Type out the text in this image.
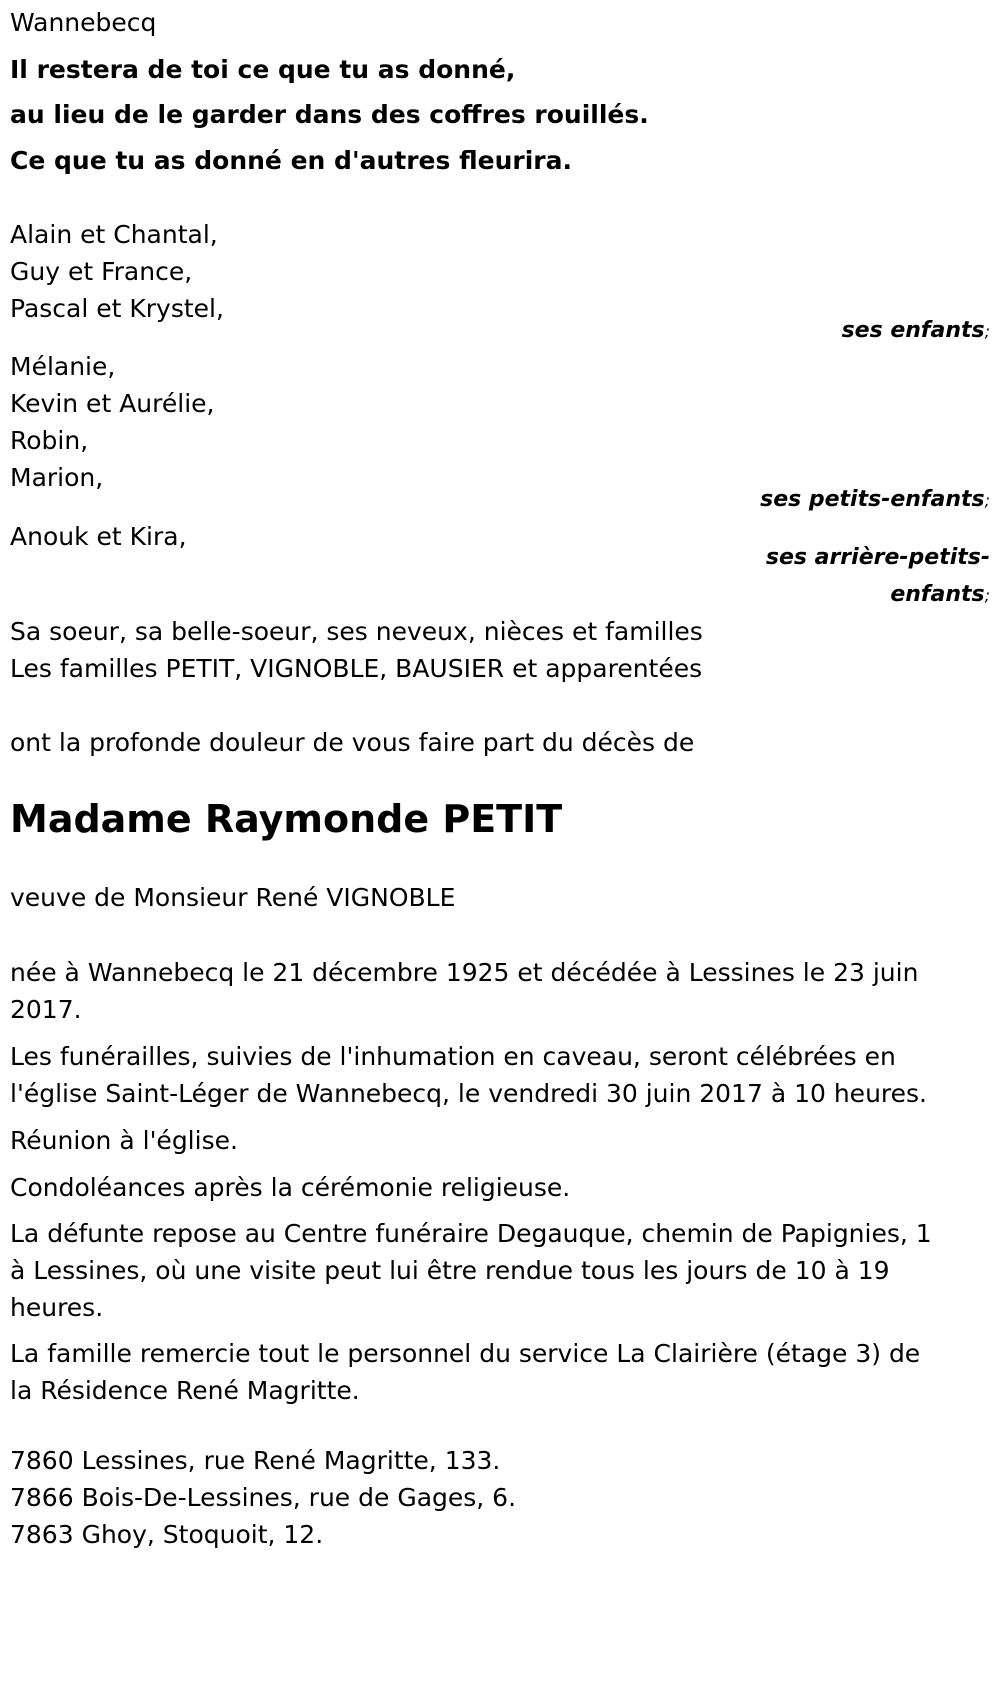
Wannebecq
Il restera de toi ce que tu as donné,
au lieu de le garder dans des coffres rouillés.
Ce que tu as donné en d'autres fleurira.
Alain et Chantal,
Guy et France,
Pascal et Krystel,
ses enfants;
Mélanie,
Kevin et Aurélie,
Robin,
Marion,
ses petits-enfants;
Anouk et Kira,
ses arrière-petits-
enfants;
Sa soeur, sa belle-soeur, ses neveux, nièces et familles
Les familles PETIT, VIGNOBLE, BAUSIER et apparentées
ont la profonde douleur de vous faire part du décès de
Madame Raymonde PETIT
veuve de Monsieur René VIGNOBLE
née à Wannebecq le 21 décembre 1925 et décédée à Lessines le 23 juin 2017.
Les funérailles, suivies de l'inhumation en caveau, seront célébrées en l'église Saint-Léger de Wannebecq, le vendredi 30 juin 2017 à 10 heures.
Réunion à l'église.
Condoléances après la cérémonie religieuse.
La défunte repose au Centre funéraire Degauque, chemin de Papignies, 1 à Lessines, où une visite peut lui être rendue tous les jours de 10 à 19 heures.
La famille remercie tout le personnel du service La Clairière (étage 3) de la Résidence René Magritte.
7860 Lessines, rue René Magritte, 133.
7866 Bois-De-Lessines, rue de Gages, 6.
7863 Ghoy, Stoquoit, 12.
